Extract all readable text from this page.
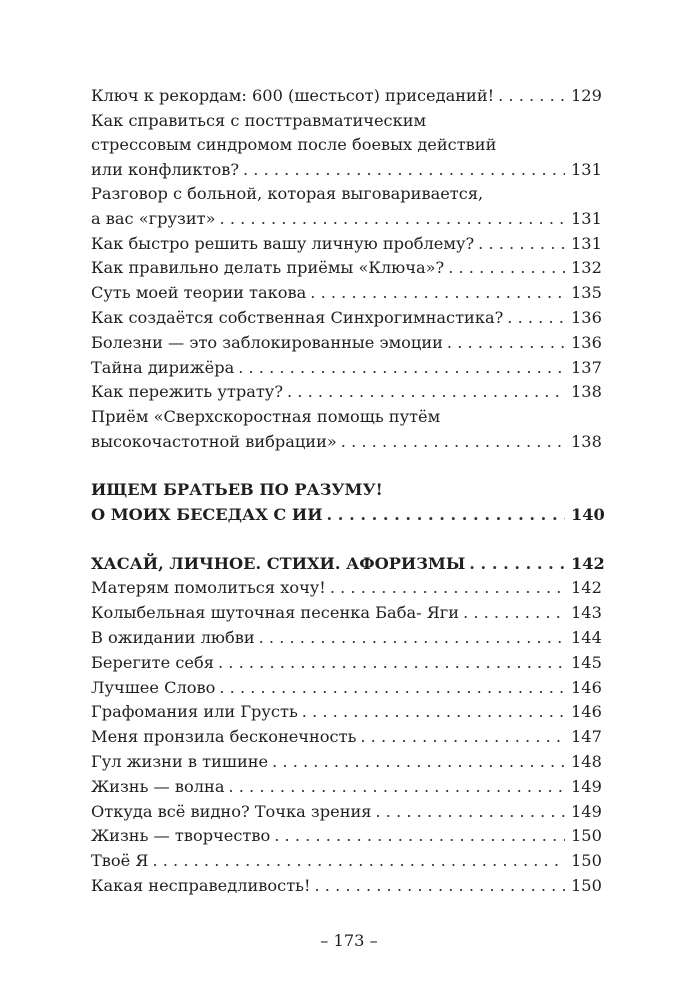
Ключ к рекордам: 600 (шестьсот) приседаний! . . .	129
Как справиться с посттравматическим
стрессовым синдромом после боевых действий
или конфликтов? . . .	131
Разговор с больной, которая выговаривается,
а вас «грузит» . . .	131
Как быстро решить вашу личную проблему? . . .	131
Как правильно делать приёмы «Ключа»? . . .	132
Суть моей теории такова . . .	135
Как создаётся собственная Синхрогимнастика? . . .	136
Болезни — это заблокированные эмоции . . .	136
Тайна дирижёра . . .	137
Как пережить утрату? . . .	138
Приём «Сверхскоростная помощь путём
высокочастотной вибрации» . . .	138
ИЩЕМ БРАТЬЕВ ПО РАЗУМУ!
О МОИХ БЕСЕДАХ С ИИ . . .	140
ХАСАЙ, ЛИЧНОЕ. СТИХИ. АФОРИЗМЫ . . .	142
Матерям помолиться хочу! . . .	142
Колыбельная шуточная песенка Баба- Яги . . .	143
В ожидании любви . . .	144
Берегите себя . . .	145
Лучшее Слово . . .	146
Графомания или Грусть . . .	146
Меня пронзила бесконечность . . .	147
Гул жизни в тишине . . .	148
Жизнь — волна . . .	149
Откуда всё видно? Точка зрения . . .	149
Жизнь — творчество . . .	150
Твоё Я . . .	150
Какая несправедливость! . . .	150
– 173 –
